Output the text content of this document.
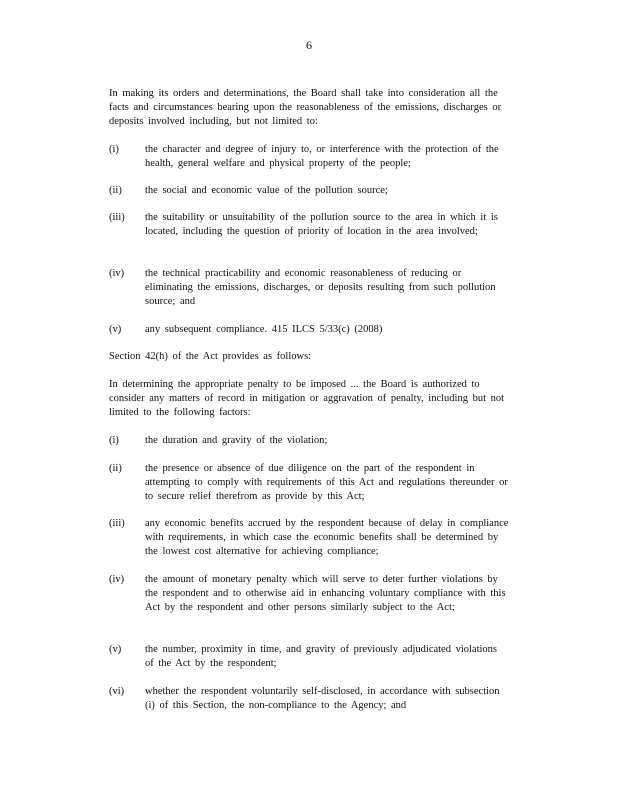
6
In making its orders and determinations, the Board shall take into consideration all the facts and circumstances bearing upon the reasonableness of the emissions, discharges or deposits involved including, but not limited to:
(i)	the character and degree of injury to, or interference with the protection of the health, general welfare and physical property of the people;
(ii)	the social and economic value of the pollution source;
(iii)	the suitability or unsuitability of the pollution source to the area in which it is located, including the question of priority of location in the area involved;
(iv)	the technical practicability and economic reasonableness of reducing or eliminating the emissions, discharges, or deposits resulting from such pollution source; and
(v)	any subsequent compliance. 415 ILCS 5/33(c) (2008)
Section 42(h) of the Act provides as follows:
In determining the appropriate penalty to be imposed ... the Board is authorized to consider any matters of record in mitigation or aggravation of penalty, including but not limited to the following factors:
(i)	the duration and gravity of the violation;
(ii)	the presence or absence of due diligence on the part of the respondent in attempting to comply with requirements of this Act and regulations thereunder or to secure relief therefrom as provide by this Act;
(iii)	any economic benefits accrued by the respondent because of delay in compliance with requirements, in which case the economic benefits shall be determined by the lowest cost alternative for achieving compliance;
(iv)	the amount of monetary penalty which will serve to deter further violations by the respondent and to otherwise aid in enhancing voluntary compliance with this Act by the respondent and other persons similarly subject to the Act;
(v)	the number, proximity in time, and gravity of previously adjudicated violations of the Act by the respondent;
(vi)	whether the respondent voluntarily self-disclosed, in accordance with subsection (i) of this Section, the non-compliance to the Agency; and
